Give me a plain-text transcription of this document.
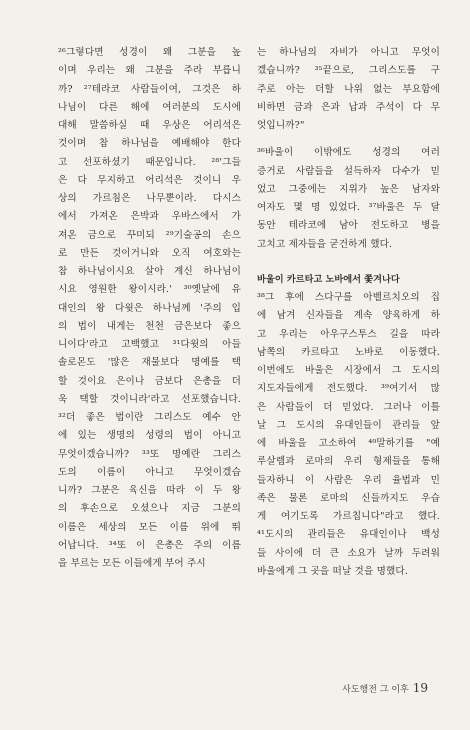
²⁶그렇다면 성경이 왜 그분을 높
이며 우리는 왜 그분을 주라 부릅니
까? ²⁷테라코 사람들이여, 그것은 하
나님이 다른 해에 여러분의 도시에
대해 말씀하실 때 우상은 어리석은
것이며 참 하나님을 예배해야 한다
고 선포하셨기 때문입니다. ²⁸'그들
은 다 무지하고 어리석은 것이니 우
상의 가르침은 나무뿐이라. 다시스
에서 가져온 은박과 우바스에서 가
져온 금으로 꾸미되 ²⁹기술공의 손으
로 만든 것이거니와 오직 여호와는
참 하나님이시요 살아 계신 하나님이
시요 영원한 왕이시라.' ³⁰옛날에 유
대인의 왕 다윗은 하나님께 '주의 입
의 법이 내게는 천천 금은보다 좋으
니이다'라고 고백했고 ³¹다윗의 아들
솔로몬도 '많은 재물보다 명예를 택
할 것이요 은이나 금보다 은총을 더
욱 택할 것이니라'라고 선포했습니다.
³²더 좋은 법이란 그리스도 예수 안
에 있는 생명의 성령의 법이 아니고
무엇이겠습니까? ³³또 명예란 그리스
도의 이름이 아니고 무엇이겠습
니까? 그분은 육신을 따라 이 두 왕
의 후손으로 오셨으나 지금 그분의
이름은 세상의 모든 이름 위에 뛰
어납니다. ³⁴또 이 은총은 주의 이름
을 부르는 모든 이들에게 부어 주시
는 하나님의 자비가 아니고 무엇이
겠습니까? ³⁵끝으로, 그리스도를 구
주로 아는 더할 나위 없는 부요함에
비하면 금과 은과 납과 주석이 다 무
엇입니까?"
³⁶바울이 이밖에도 성경의 여러
증거로 사람들을 설득하자 다수가 믿
었고 그중에는 지위가 높은 남자와
여자도 몇 명 있었다. ³⁷바울은 두 달
동안 테라코에 남아 전도하고 병을
고치고 제자들을 굳건하게 했다.
바울이 카르타고 노바에서 쫓겨나다
³⁸그 후에 스다구를 아벨르치오의 집
에 남겨 신자들을 계속 양육하게 하
고 우리는 아우구스투스 길을 따라
남쪽의 카르타고 노바로 이동했다.
이번에도 바울은 시장에서 그 도시의
지도자들에게 전도했다. ³⁹여기서 많
은 사람들이 더 믿었다. 그러나 이틀
날 그 도시의 유대인들이 관리들 앞
에 바울을 고소하여 ⁴⁰말하기를 "예
루살렘과 로마의 우리 형제들을 통해
들자하니 이 사람은 우리 율법과 민
족은 물론 로마의 신들까지도 우습
게 여기도록 가르칩니다"라고 했다.
⁴¹도시의 관리들은 유대인이나 백성
들 사이에 더 큰 소요가 날까 두려워
바울에게 그 곳을 떠날 것을 명했다.
사도행전 그 이후 19
